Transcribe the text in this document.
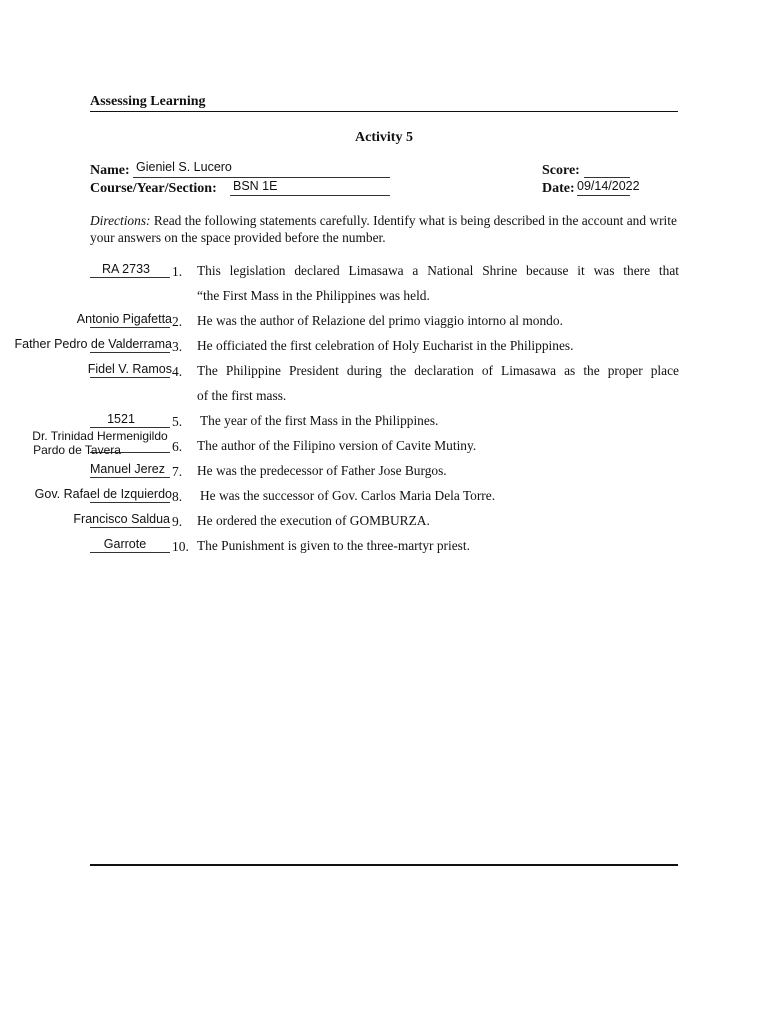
Assessing Learning
Activity 5
Name: Gieniel S. Lucero
Course/Year/Section: BSN 1E
Score:
Date: 09/14/2022
Directions: Read the following statements carefully. Identify what is being described in the account and write your answers on the space provided before the number.
RA 2733	1. This legislation declared Limasawa a National Shrine because it was there that
“the First Mass in the Philippines was held.
Antonio Pigafetta 2. He was the author of Relazione del primo viaggio intorno al mondo.
Father Pedro de Valderrama 3. He officiated the first celebration of Holy Eucharist in the Philippines.
Fidel V. Ramos 4. The Philippine President during the declaration of Limasawa as the proper place
of the first mass.
1521	5. The year of the first Mass in the Philippines.
Dr. Trinidad Hermenigildo
Pardo de Tavera	6. The author of the Filipino version of Cavite Mutiny.
Manuel Jerez 7. He was the predecessor of Father Jose Burgos.
Gov. Rafael de Izquierdo 8. He was the successor of Gov. Carlos Maria Dela Torre.
Francisco Saldua 9. He ordered the execution of GOMBURZA.
Garrote	10. The Punishment is given to the three-martyr priest.
